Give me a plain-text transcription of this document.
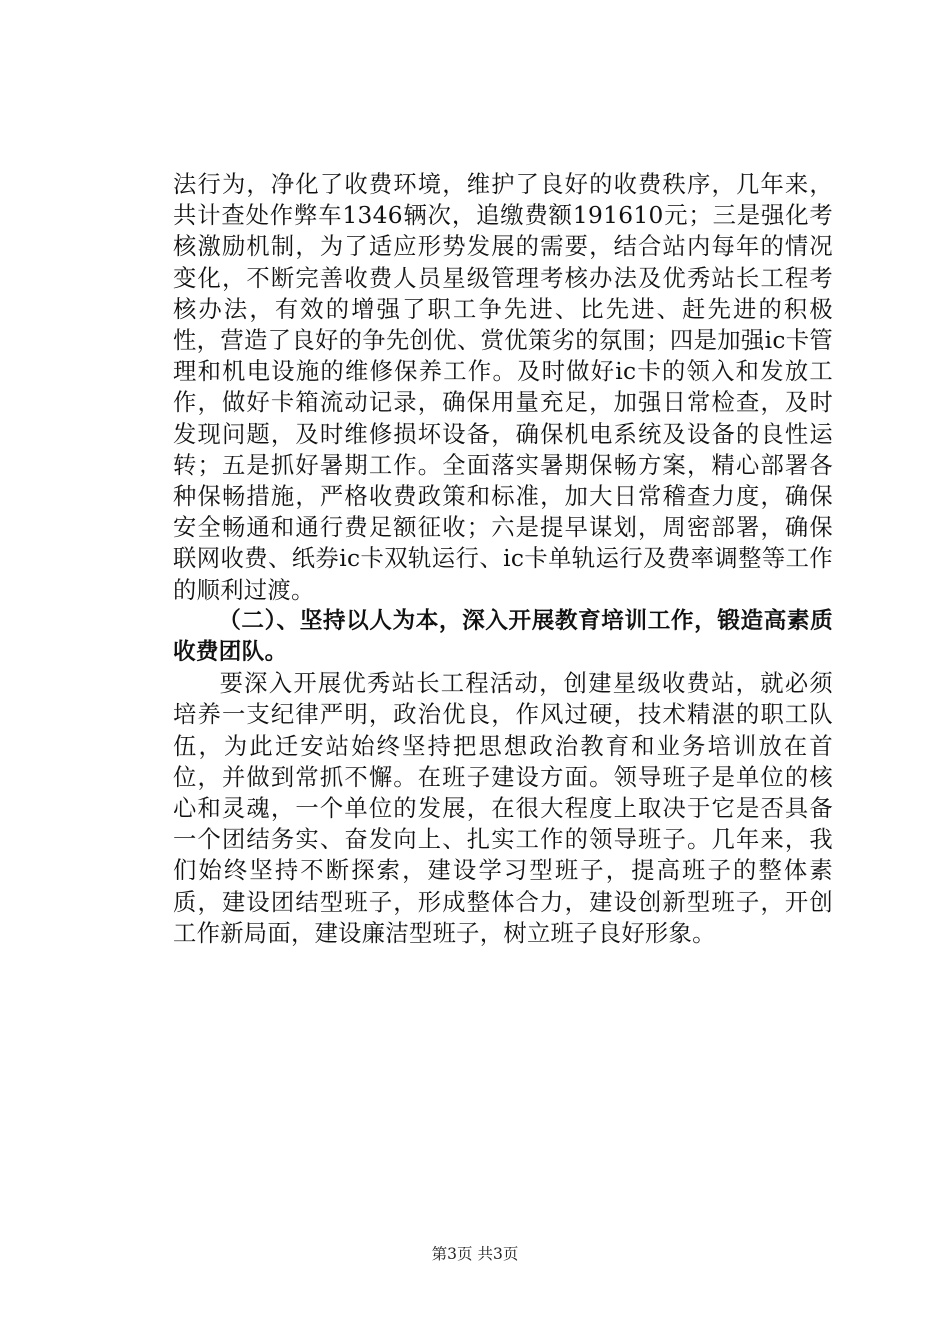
法行为，净化了收费环境，维护了良好的收费秩序，几年来，共计查处作弊车1346辆次，追缴费额191610元；三是强化考核激励机制，为了适应形势发展的需要，结合站内每年的情况变化，不断完善收费人员星级管理考核办法及优秀站长工程考核办法，有效的增强了职工争先进、比先进、赶先进的积极性，营造了良好的争先创优、赏优策劣的氛围；四是加强ic卡管理和机电设施的维修保养工作。及时做好ic卡的领入和发放工作，做好卡箱流动记录，确保用量充足，加强日常检查，及时发现问题，及时维修损坏设备，确保机电系统及设备的良性运转；五是抓好暑期工作。全面落实暑期保畅方案，精心部署各种保畅措施，严格收费政策和标准，加大日常稽查力度，确保安全畅通和通行费足额征收；六是提早谋划，周密部署，确保联网收费、纸券ic卡双轨运行、ic卡单轨运行及费率调整等工作的顺利过渡。

（二）、坚持以人为本，深入开展教育培训工作，锻造高素质收费团队。

要深入开展优秀站长工程活动，创建星级收费站，就必须培养一支纪律严明，政治优良，作风过硬，技术精湛的职工队伍，为此迁安站始终坚持把思想政治教育和业务培训放在首位，并做到常抓不懈。在班子建设方面。领导班子是单位的核心和灵魂，一个单位的发展，在很大程度上取决于它是否具备一个团结务实、奋发向上、扎实工作的领导班子。几年来，我们始终坚持不断探索，建设学习型班子，提高班子的整体素质，建设团结型班子，形成整体合力，建设创新型班子，开创工作新局面，建设廉洁型班子，树立班子良好形象。

第3页 共3页
